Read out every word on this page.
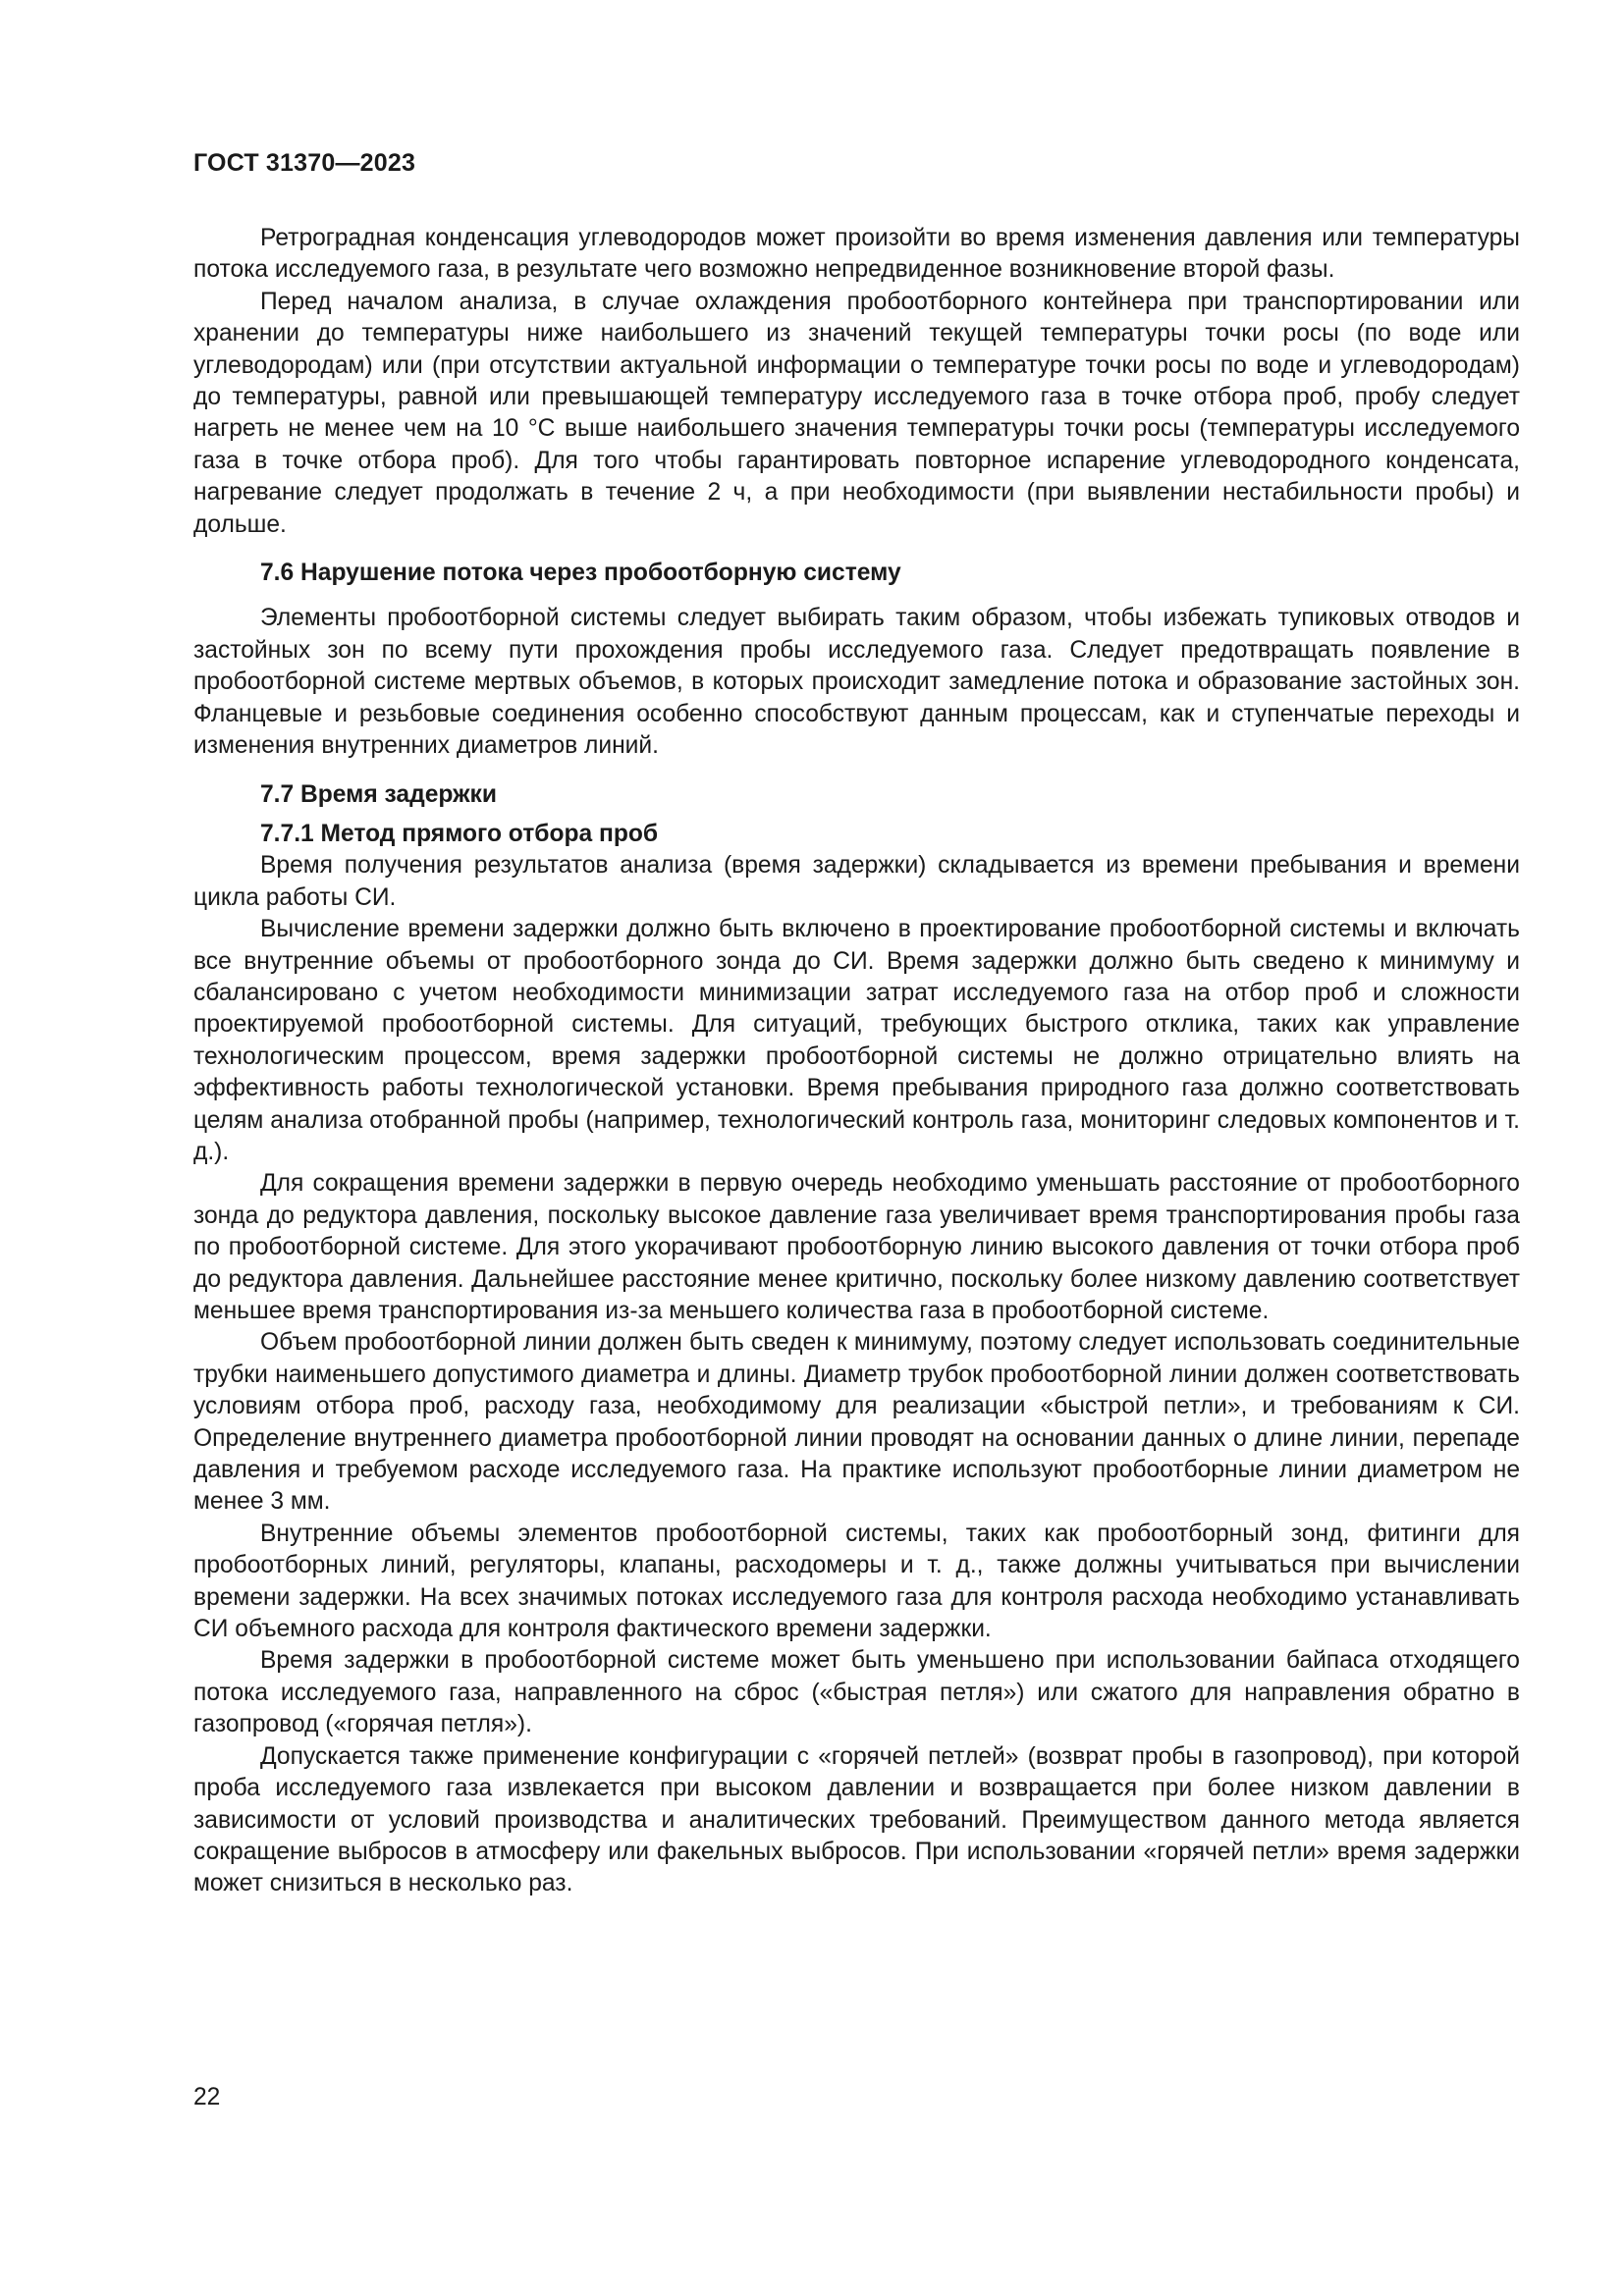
ГОСТ 31370—2023

Ретроградная конденсация углеводородов может произойти во время изменения давления или температуры потока исследуемого газа, в результате чего возможно непредвиденное возникновение второй фазы.

Перед началом анализа, в случае охлаждения пробоотборного контейнера при транспортировании или хранении до температуры ниже наибольшего из значений текущей температуры точки росы (по воде или углеводородам) или (при отсутствии актуальной информации о температуре точки росы по воде и углеводородам) до температуры, равной или превышающей температуру исследуемого газа в точке отбора проб, пробу следует нагреть не менее чем на 10 °С выше наибольшего значения температуры точки росы (температуры исследуемого газа в точке отбора проб). Для того чтобы гарантировать повторное испарение углеводородного конденсата, нагревание следует продолжать в течение 2 ч, а при необходимости (при выявлении нестабильности пробы) и дольше.

7.6 Нарушение потока через пробоотборную систему

Элементы пробоотборной системы следует выбирать таким образом, чтобы избежать тупиковых отводов и застойных зон по всему пути прохождения пробы исследуемого газа. Следует предотвращать появление в пробоотборной системе мертвых объемов, в которых происходит замедление потока и образование застойных зон. Фланцевые и резьбовые соединения особенно способствуют данным процессам, как и ступенчатые переходы и изменения внутренних диаметров линий.

7.7 Время задержки
7.7.1 Метод прямого отбора проб

Время получения результатов анализа (время задержки) складывается из времени пребывания и времени цикла работы СИ.

Вычисление времени задержки должно быть включено в проектирование пробоотборной системы и включать все внутренние объемы от пробоотборного зонда до СИ. Время задержки должно быть сведено к минимуму и сбалансировано с учетом необходимости минимизации затрат исследуемого газа на отбор проб и сложности проектируемой пробоотборной системы. Для ситуаций, требующих быстрого отклика, таких как управление технологическим процессом, время задержки пробоотборной системы не должно отрицательно влиять на эффективность работы технологической установки. Время пребывания природного газа должно соответствовать целям анализа отобранной пробы (например, технологический контроль газа, мониторинг следовых компонентов и т. д.).

Для сокращения времени задержки в первую очередь необходимо уменьшать расстояние от пробоотборного зонда до редуктора давления, поскольку высокое давление газа увеличивает время транспортирования пробы газа по пробоотборной системе. Для этого укорачивают пробоотборную линию высокого давления от точки отбора проб до редуктора давления. Дальнейшее расстояние менее критично, поскольку более низкому давлению соответствует меньшее время транспортирования из-за меньшего количества газа в пробоотборной системе.

Объем пробоотборной линии должен быть сведен к минимуму, поэтому следует использовать соединительные трубки наименьшего допустимого диаметра и длины. Диаметр трубок пробоотборной линии должен соответствовать условиям отбора проб, расходу газа, необходимому для реализации «быстрой петли», и требованиям к СИ. Определение внутреннего диаметра пробоотборной линии проводят на основании данных о длине линии, перепаде давления и требуемом расходе исследуемого газа. На практике используют пробоотборные линии диаметром не менее 3 мм.

Внутренние объемы элементов пробоотборной системы, таких как пробоотборный зонд, фитинги для пробоотборных линий, регуляторы, клапаны, расходомеры и т. д., также должны учитываться при вычислении времени задержки. На всех значимых потоках исследуемого газа для контроля расхода необходимо устанавливать СИ объемного расхода для контроля фактического времени задержки.

Время задержки в пробоотборной системе может быть уменьшено при использовании байпаса отходящего потока исследуемого газа, направленного на сброс («быстрая петля») или сжатого для направления обратно в газопровод («горячая петля»).

Допускается также применение конфигурации с «горячей петлей» (возврат пробы в газопровод), при которой проба исследуемого газа извлекается при высоком давлении и возвращается при более низком давлении в зависимости от условий производства и аналитических требований. Преимуществом данного метода является сокращение выбросов в атмосферу или факельных выбросов. При использовании «горячей петли» время задержки может снизиться в несколько раз.

22
